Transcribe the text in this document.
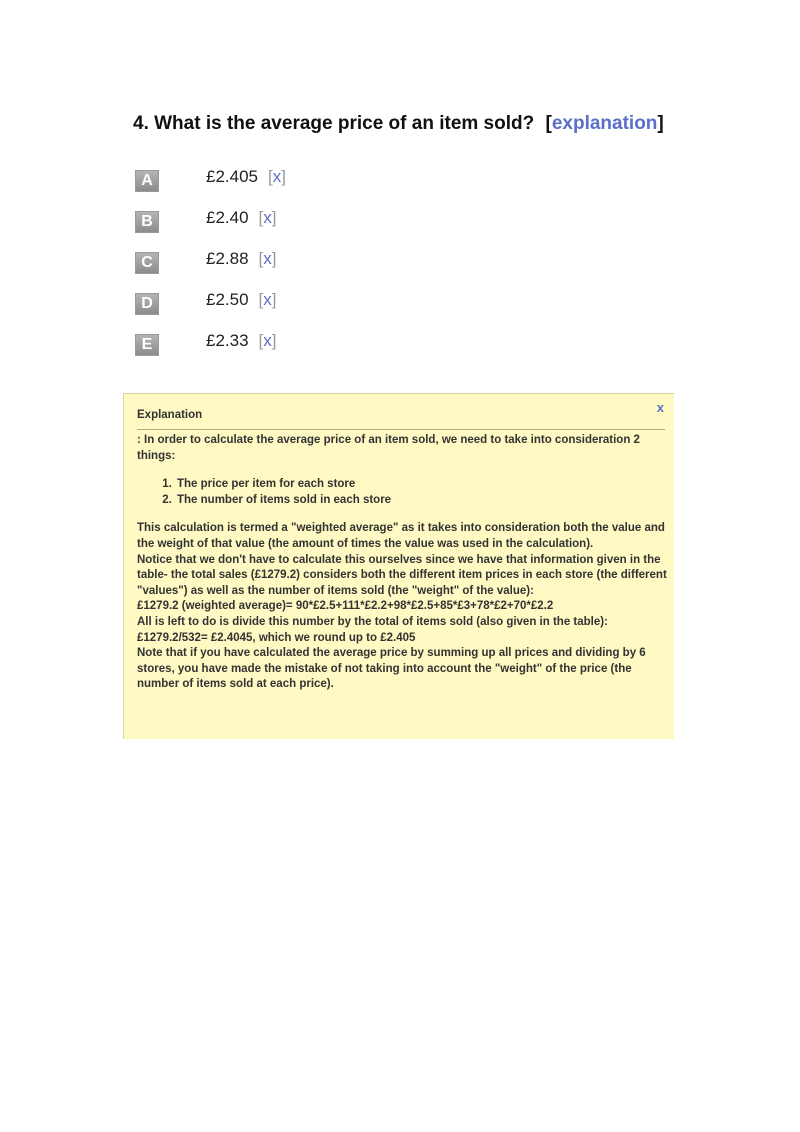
4. What is the average price of an item sold? [explanation]
A	£2.405 [x]
B	£2.40 [x]
C	£2.88 [x]
D	£2.50 [x]
E	£2.33 [x]
x
Explanation

: In order to calculate the average price of an item sold, we need to take into consideration 2 things:

1. The price per item for each store
2. The number of items sold in each store

This calculation is termed a "weighted average" as it takes into consideration both the value and the weight of that value (the amount of times the value was used in the calculation).

Notice that we don't have to calculate this ourselves since we have that information given in the table- the total sales (£1279.2) considers both the different item prices in each store (the different "values") as well as the number of items sold (the "weight" of the value):

£1279.2 (weighted average)= 90*£2.5+111*£2.2+98*£2.5+85*£3+78*£2+70*£2.2

All is left to do is divide this number by the total of items sold (also given in the table):

£1279.2/532= £2.4045, which we round up to £2.405

Note that if you have calculated the average price by summing up all prices and dividing by 6 stores, you have made the mistake of not taking into account the "weight" of the price (the number of items sold at each price).
